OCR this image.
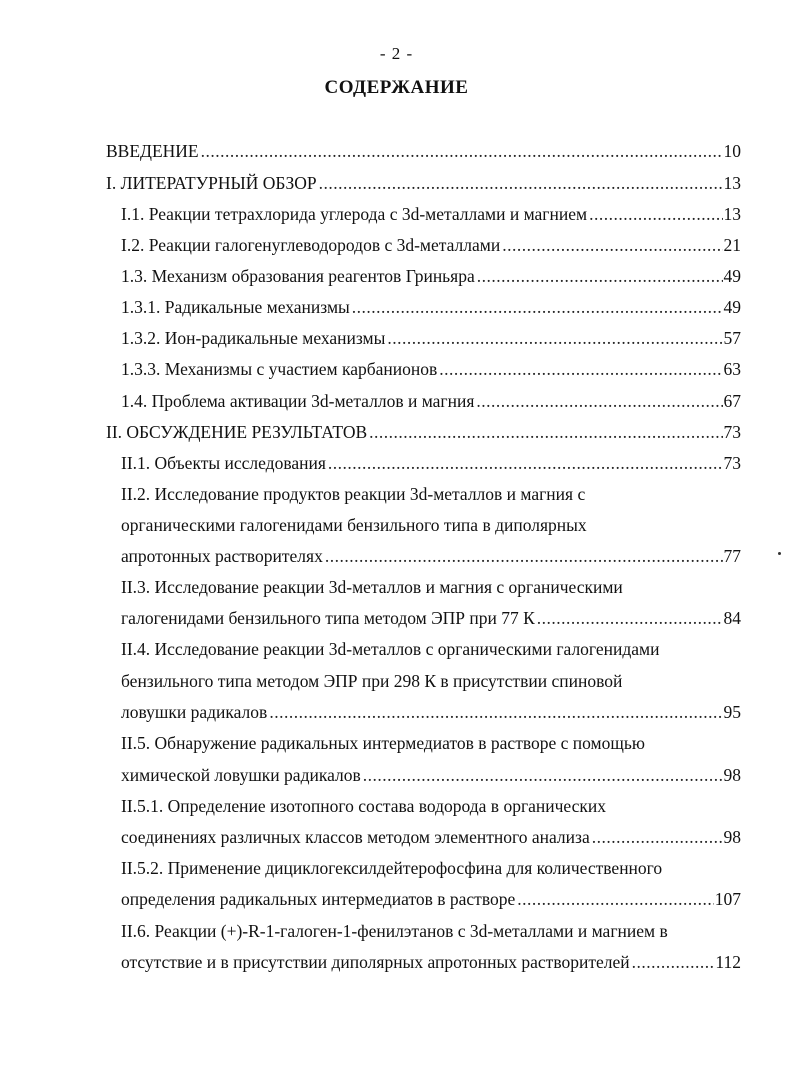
- 2 -
СОДЕРЖАНИЕ
ВВЕДЕНИЕ .....	10
I. ЛИТЕРАТУРНЫЙ ОБЗОР .....	13
I.1. Реакции тетрахлорида углерода с 3d-металлами и магнием .....	13
I.2. Реакции галогенуглеводородов с 3d-металлами .....	21
1.3. Механизм образования реагентов Гриньяра .....	49
1.3.1. Радикальные механизмы .....	49
1.3.2. Ион-радикальные механизмы .....	57
1.3.3. Механизмы с участием карбанионов .....	63
1.4. Проблема активации 3d-металлов и магния .....	67
II. ОБСУЖДЕНИЕ РЕЗУЛЬТАТОВ .....	73
II.1. Объекты исследования .....	73
II.2. Исследование продуктов реакции 3d-металлов и магния с
органическими галогенидами бензильного типа в диполярных
апротонных растворителях .....	77
II.3. Исследование реакции 3d-металлов и магния с органическими
галогенидами бензильного типа методом ЭПР при 77 К .....	84
II.4. Исследование реакции 3d-металлов с органическими галогенидами
бензильного типа методом ЭПР при 298 К в присутствии спиновой
ловушки радикалов .....	95
II.5. Обнаружение радикальных интермедиатов в растворе с помощью
химической ловушки радикалов .....	98
II.5.1. Определение изотопного состава водорода в органических
соединениях различных классов методом элементного анализа .....	98
II.5.2. Применение дициклогексилдейтерофосфина для количественного
определения радикальных интермедиатов в растворе .....	107
II.6. Реакции (+)-R-1-галоген-1-фенилэтанов с 3d-металлами и магнием в
отсутствие и в присутствии диполярных апротонных растворителей .....	112
